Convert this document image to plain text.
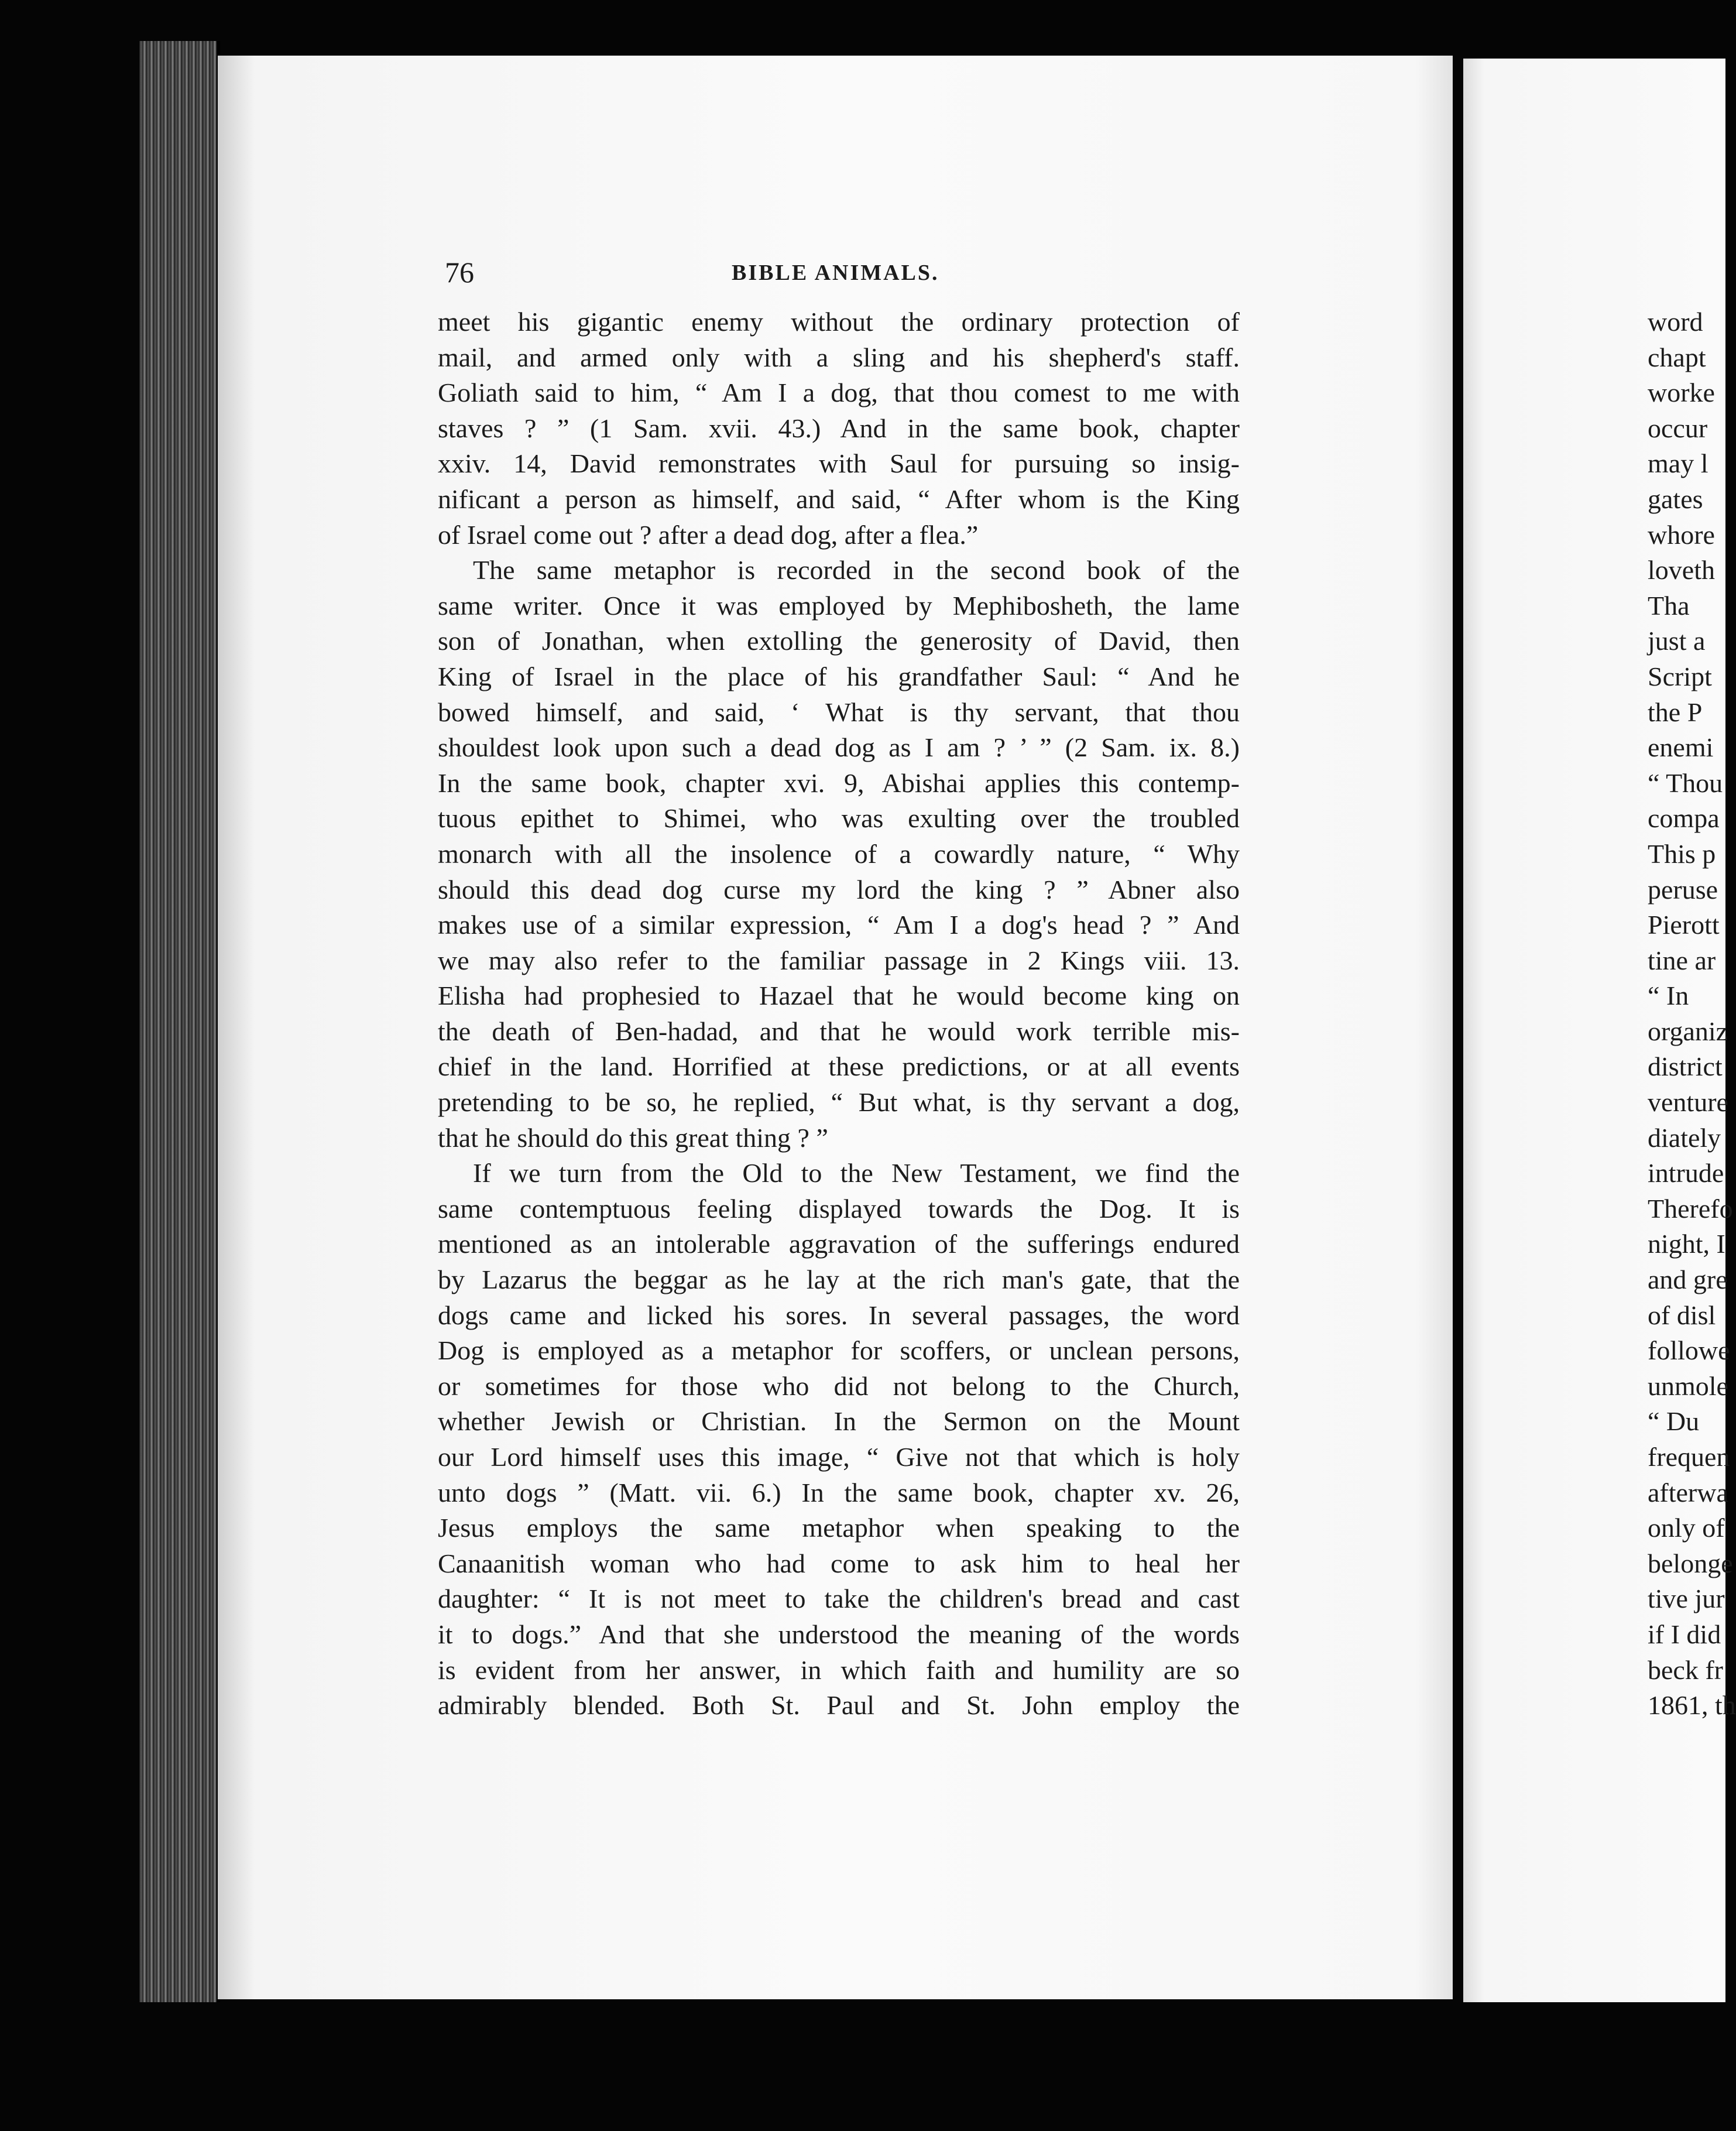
76	BIBLE ANIMALS.
meet his gigantic enemy without the ordinary protection of
mail, and armed only with a sling and his shepherd's staff.
Goliath said to him, “ Am I a dog, that thou comest to me with
staves ? ” (1 Sam. xvii. 43.) And in the same book, chapter
xxiv. 14, David remonstrates with Saul for pursuing so insig-
nificant a person as himself, and said, “ After whom is the King
of Israel come out ? after a dead dog, after a flea.”
The same metaphor is recorded in the second book of the
same writer. Once it was employed by Mephibosheth, the lame
son of Jonathan, when extolling the generosity of David, then
King of Israel in the place of his grandfather Saul: “ And he
bowed himself, and said, ‘ What is thy servant, that thou
shouldest look upon such a dead dog as I am ? ’ ” (2 Sam. ix. 8.)
In the same book, chapter xvi. 9, Abishai applies this contemp-
tuous epithet to Shimei, who was exulting over the troubled
monarch with all the insolence of a cowardly nature, “ Why
should this dead dog curse my lord the king ? ” Abner also
makes use of a similar expression, “ Am I a dog's head ? ” And
we may also refer to the familiar passage in 2 Kings viii. 13.
Elisha had prophesied to Hazael that he would become king on
the death of Ben-hadad, and that he would work terrible mis-
chief in the land. Horrified at these predictions, or at all events
pretending to be so, he replied, “ But what, is thy servant a dog,
that he should do this great thing ? ”
If we turn from the Old to the New Testament, we find the
same contemptuous feeling displayed towards the Dog. It is
mentioned as an intolerable aggravation of the sufferings endured
by Lazarus the beggar as he lay at the rich man's gate, that the
dogs came and licked his sores. In several passages, the word
Dog is employed as a metaphor for scoffers, or unclean persons,
or sometimes for those who did not belong to the Church,
whether Jewish or Christian. In the Sermon on the Mount
our Lord himself uses this image, “ Give not that which is holy
unto dogs ” (Matt. vii. 6.) In the same book, chapter xv. 26,
Jesus employs the same metaphor when speaking to the
Canaanitish woman who had come to ask him to heal her
daughter: “ It is not meet to take the children's bread and cast
it to dogs.” And that she understood the meaning of the words
is evident from her answer, in which faith and humility are so
admirably blended. Both St. Paul and St. John employ the
word
chapt
worke
occur
may l
gates
whore
loveth
Tha
just a
Script
the P
enemi
“ Thou
compa
This p
peruse
Pierott
tine ar
“ In
organiz
district
venture
diately
intrude
Therefo
night, I
and gre
of disl
followe
unmole
“ Du
frequen
afterwa
only of
belonge
tive jur
if I did
beck fr
1861, th
